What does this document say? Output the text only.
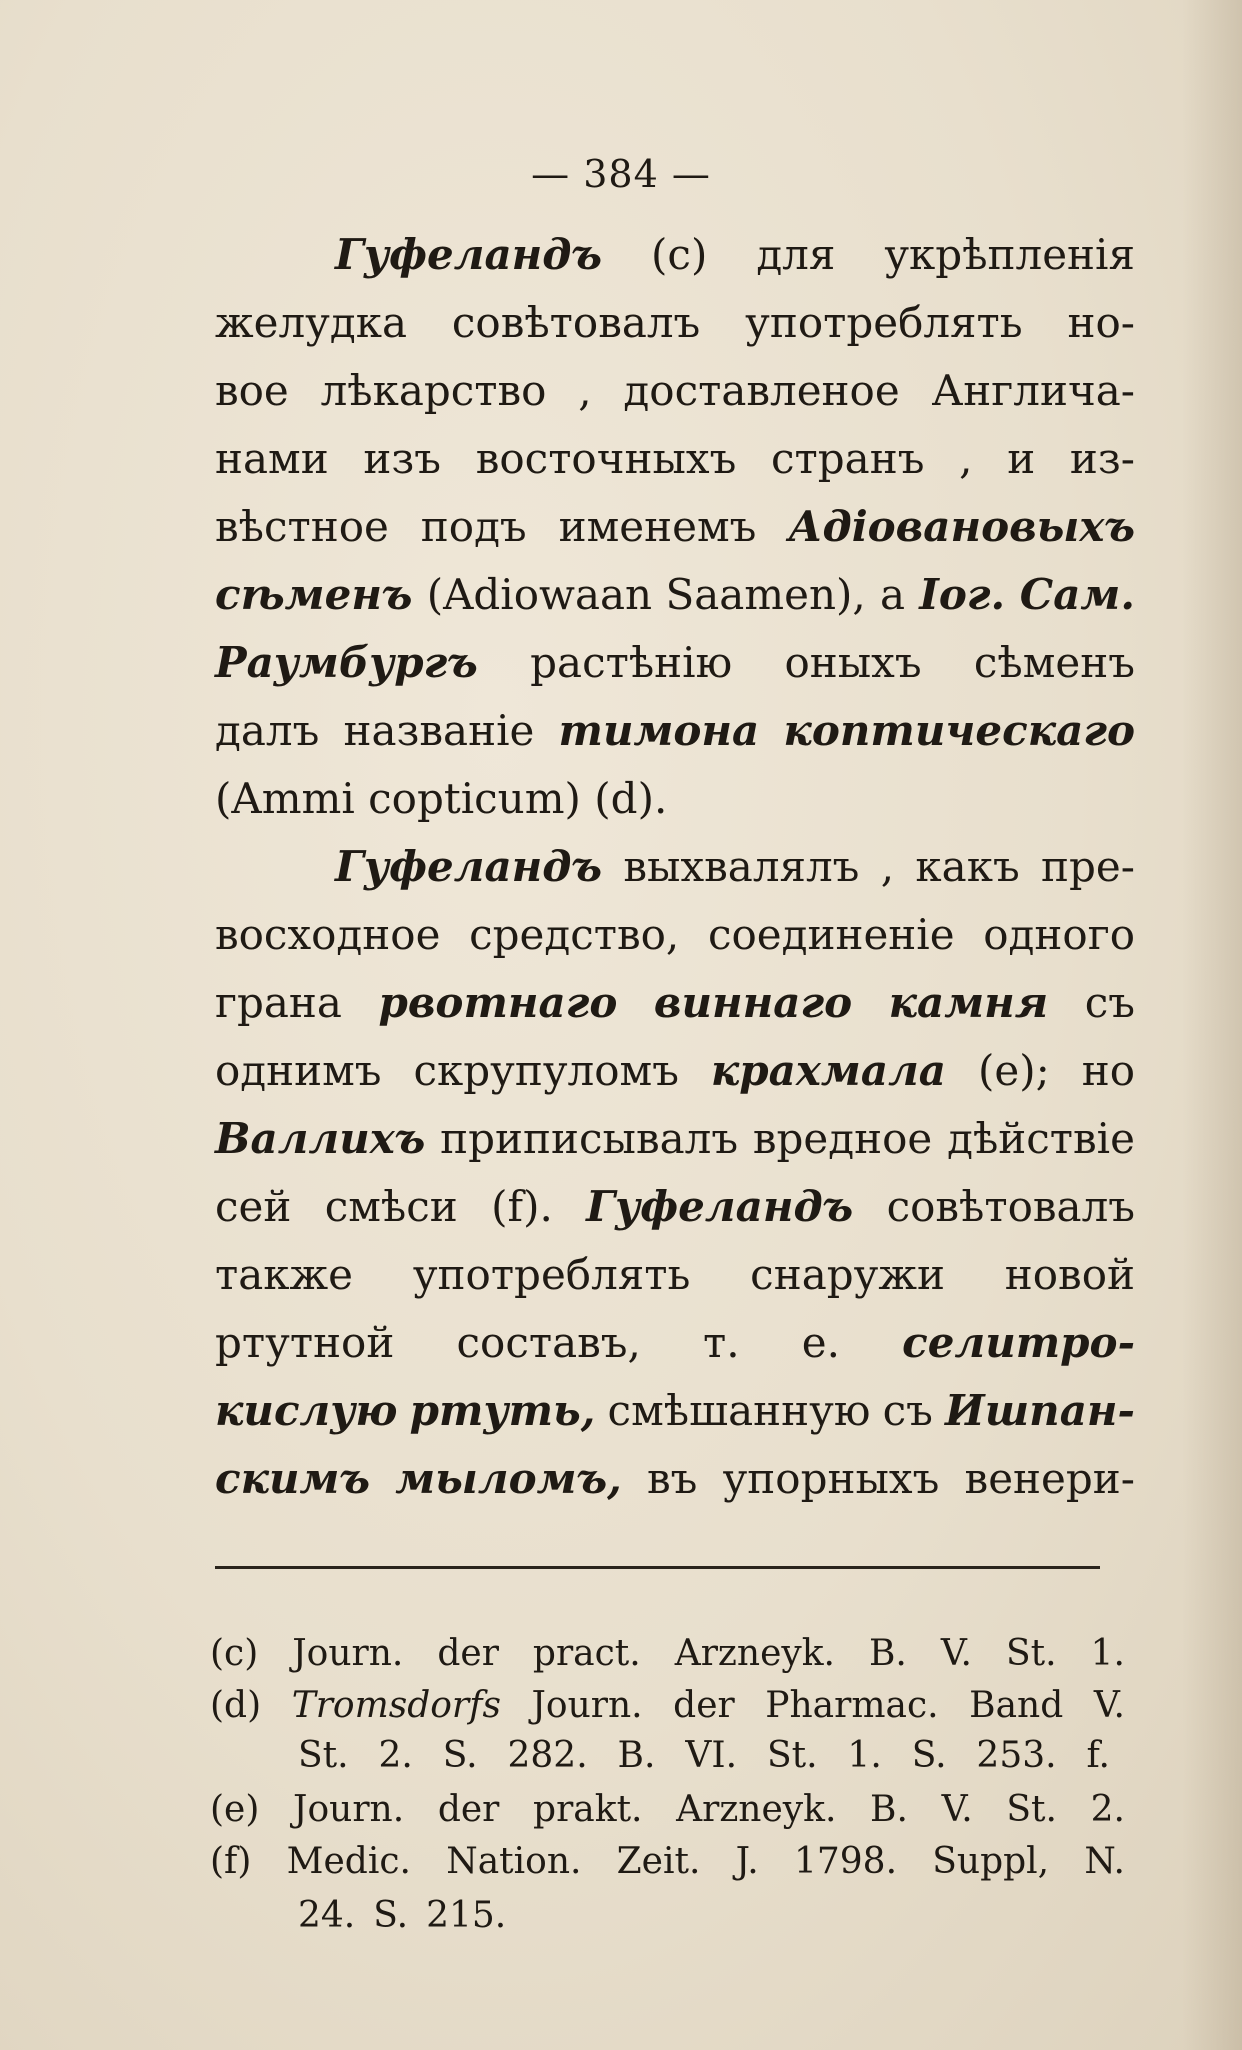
— 384 —
Гуфеландъ (c) для укрѣпленія
желудка совѣтовалъ употреблять но-
вое лѣкарство , доставленое Англича-
нами изъ восточныхъ странъ , и из-
вѣстное подъ именемъ Адіовановыхъ
сѣменъ (Adiowaan Saamen), а Іог. Сам.
Раумбургъ растѣнію оныхъ сѣменъ
далъ названіе тимона коптическаго
(Ammi copticum) (d).
Гуфеландъ выхвалялъ , какъ пре-
восходное средство, соединеніе одного
грана рвотнаго виннаго камня съ
однимъ скрупуломъ крахмала (e); но
Валлихъ приписывалъ вредное дѣйствіе
сей смѣси (f). Гуфеландъ совѣтовалъ
также употреблять снаружи новой
ртутной составъ, т. е. селитро-
кислую ртуть, смѣшанную съ Ишпан-
скимъ мыломъ, въ упорныхъ венери-
(c) Journ. der pract. Arzneyk. B. V. St. 1.
(d) Tromsdorfs Journ. der Pharmac. Band V.
St. 2. S. 282. B. VI. St. 1. S. 253. f.
(e) Journ. der prakt. Arzneyk. B. V. St. 2.
(f) Medic. Nation. Zeit. J. 1798. Suppl, N.
24. S. 215.
